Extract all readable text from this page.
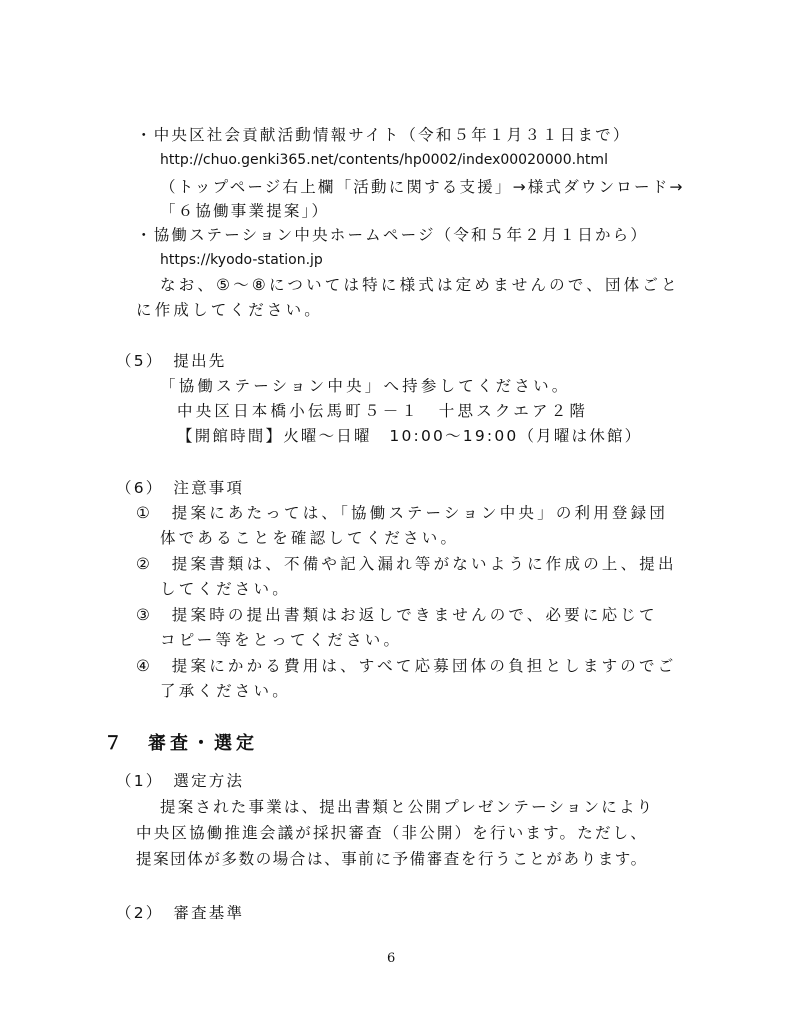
・中央区社会貢献活動情報サイト（令和５年１月３１日まで）
http://chuo.genki365.net/contents/hp0002/index00020000.html
（トップページ右上欄「活動に関する支援」→様式ダウンロード→
「６協働事業提案」）
・協働ステーション中央ホームページ（令和５年２月１日から）
https://kyodo-station.jp
なお、⑤～⑧については特に様式は定めませんので、団体ごと
に作成してください。
（5）　提出先
「協働ステーション中央」へ持参してください。
中央区日本橋小伝馬町５－１　十思スクエア２階
【開館時間】火曜～日曜　10:00～19:00（月曜は休館）
（6）　注意事項
①　提案にあたっては、「協働ステーション中央」の利用登録団
体であることを確認してください。
②　提案書類は、不備や記入漏れ等がないように作成の上、提出
してください。
③　提案時の提出書類はお返しできませんので、必要に応じて
コピー等をとってください。
④　提案にかかる費用は、すべて応募団体の負担としますのでご
了承ください。
７　審査・選定
（1）　選定方法
提案された事業は、提出書類と公開プレゼンテーションにより
中央区協働推進会議が採択審査（非公開）を行います。ただし、
提案団体が多数の場合は、事前に予備審査を行うことがあります。
（2）　審査基準
6
